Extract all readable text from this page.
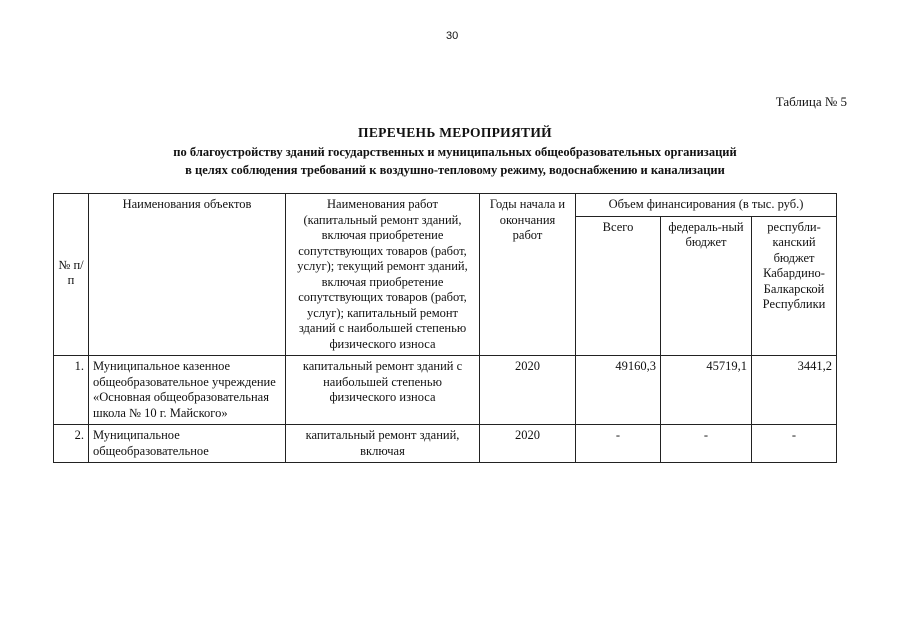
30
Таблица № 5
ПЕРЕЧЕНЬ МЕРОПРИЯТИЙ
по благоустройству зданий государственных и муниципальных общеобразовательных организаций
в целях соблюдения требований к воздушно-тепловому режиму, водоснабжению и канализации
№ п/п	Наименования объектов	Наименования работ (капитальный ремонт зданий, включая приобретение сопутствующих товаров (работ, услуг); текущий ремонт зданий, включая приобретение сопутствующих товаров (работ, услуг); капитальный ремонт зданий с наибольшей степенью физического износа	Годы начала и окончания работ	Объем финансирования (в тыс. руб.)		
				Всего	федераль-ный бюджет	республи-канский бюджет Кабардино-Балкарской Республики
1.	Муниципальное казенное общеобразовательное учреждение «Основная общеобразовательная школа № 10 г. Майского»	капитальный ремонт зданий с наибольшей степенью физического износа	2020	49160,3	45719,1	3441,2
2.	Муниципальное общеобразовательное	капитальный ремонт зданий, включая	2020	-	-	-
